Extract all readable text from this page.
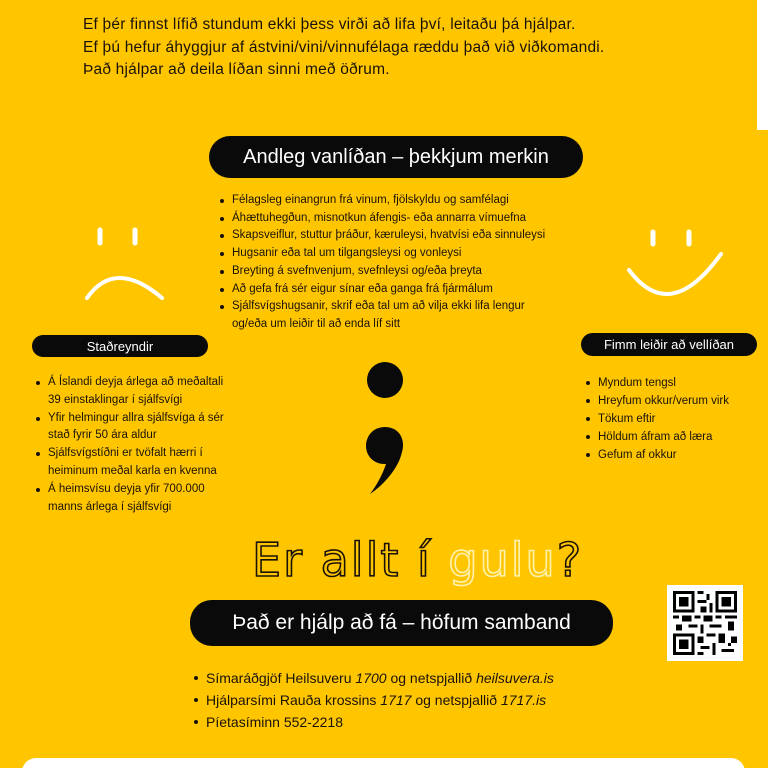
Ef þér finnst lífið stundum ekki þess virði að lifa því, leitaðu þá hjálpar.
Ef þú hefur áhyggjur af ástvini/vini/vinnufélaga ræddu það við viðkomandi.
Það hjálpar að deila líðan sinni með öðrum.
Andleg vanlíðan – þekkjum merkin
Félagsleg einangrun frá vinum, fjölskyldu og samfélagi
Áhættuhegðun, misnotkun áfengis- eða annarra vímuefna
Skapsveiflur, stuttur þráður, kæruleysi, hvatvísi eða sinnuleysi
Hugsanir eða tal um tilgangsleysi og vonleysi
Breyting á svefnvenjum, svefnleysi og/eða þreyta
Að gefa frá sér eigur sínar eða ganga frá fjármálum
Sjálfsvígshugsanir, skrif eða tal um að vilja ekki lifa lengur
og/eða um leiðir til að enda líf sitt
Staðreyndir
Á Íslandi deyja árlega að meðaltali
39 einstaklingar í sjálfsvígi
Yfir helmingur allra sjálfsvíga á sér
stað fyrir 50 ára aldur
Sjálfsvígstíðni er tvöfalt hærri í
heiminum meðal karla en kvenna
Á heimsvísu deyja yfir 700.000
manns árlega í sjálfsvígi
Fimm leiðir að vellíðan
Myndum tengsl
Hreyfum okkur/verum virk
Tökum eftir
Höldum áfram að læra
Gefum af okkur
Er allt í gulu?
Það er hjálp að fá – höfum samband
Símaráðgjöf Heilsuveru 1700 og netspjallið heilsuvera.is
Hjálparsími Rauða krossins 1717 og netspjallið 1717.is
Píetasíminn 552-2218
